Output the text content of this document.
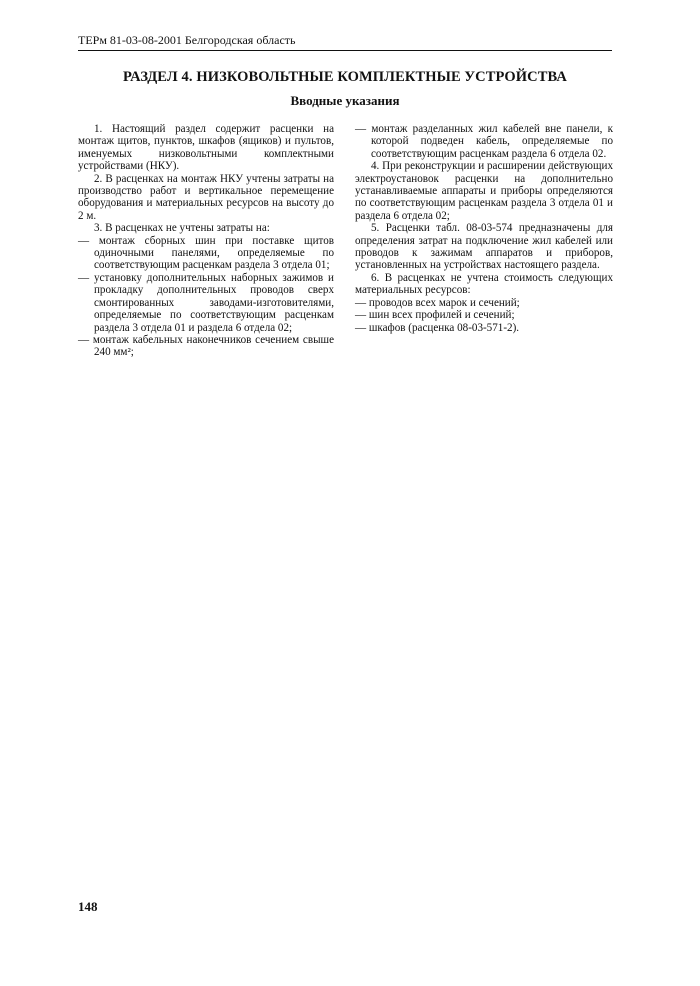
ТЕРм 81-03-08-2001 Белгородская область
РАЗДЕЛ 4. НИЗКОВОЛЬТНЫЕ КОМПЛЕКТНЫЕ УСТРОЙСТВА
Вводные указания

1. Настоящий раздел содержит расценки на монтаж щитов, пунктов, шкафов (ящиков) и пультов, именуемых низковольтными комплектными устройствами (НКУ).

2. В расценках на монтаж НКУ учтены затраты на производство работ и вертикальное перемещение оборудования и материальных ресурсов на высоту до 2 м.

3. В расценках не учтены затраты на:

— монтаж сборных шин при поставке щитов одиночными панелями, определяемые по соответствующим расценкам раздела 3 отдела 01;

— установку дополнительных наборных зажимов и прокладку дополнительных проводов сверх смонтированных заводами-изготовителями, определяемые по соответствующим расценкам раздела 3 отдела 01 и раздела 6 отдела 02;

— монтаж кабельных наконечников сечением свыше 240 мм²;

— монтаж разделанных жил кабелей вне панели, к которой подведен кабель, определяемые по соответствующим расценкам раздела 6 отдела 02.

4. При реконструкции и расширении действующих электроустановок расценки на дополнительно устанавливаемые аппараты и приборы определяются по соответствующим расценкам раздела 3 отдела 01 и раздела 6 отдела 02;

5. Расценки табл. 08-03-574 предназначены для определения затрат на подключение жил кабелей или проводов к зажимам аппаратов и приборов, установленных на устройствах настоящего раздела.

6. В расценках не учтена стоимость следующих материальных ресурсов:

— проводов всех марок и сечений;

— шин всех профилей и сечений;

— шкафов (расценка 08-03-571-2).

148
